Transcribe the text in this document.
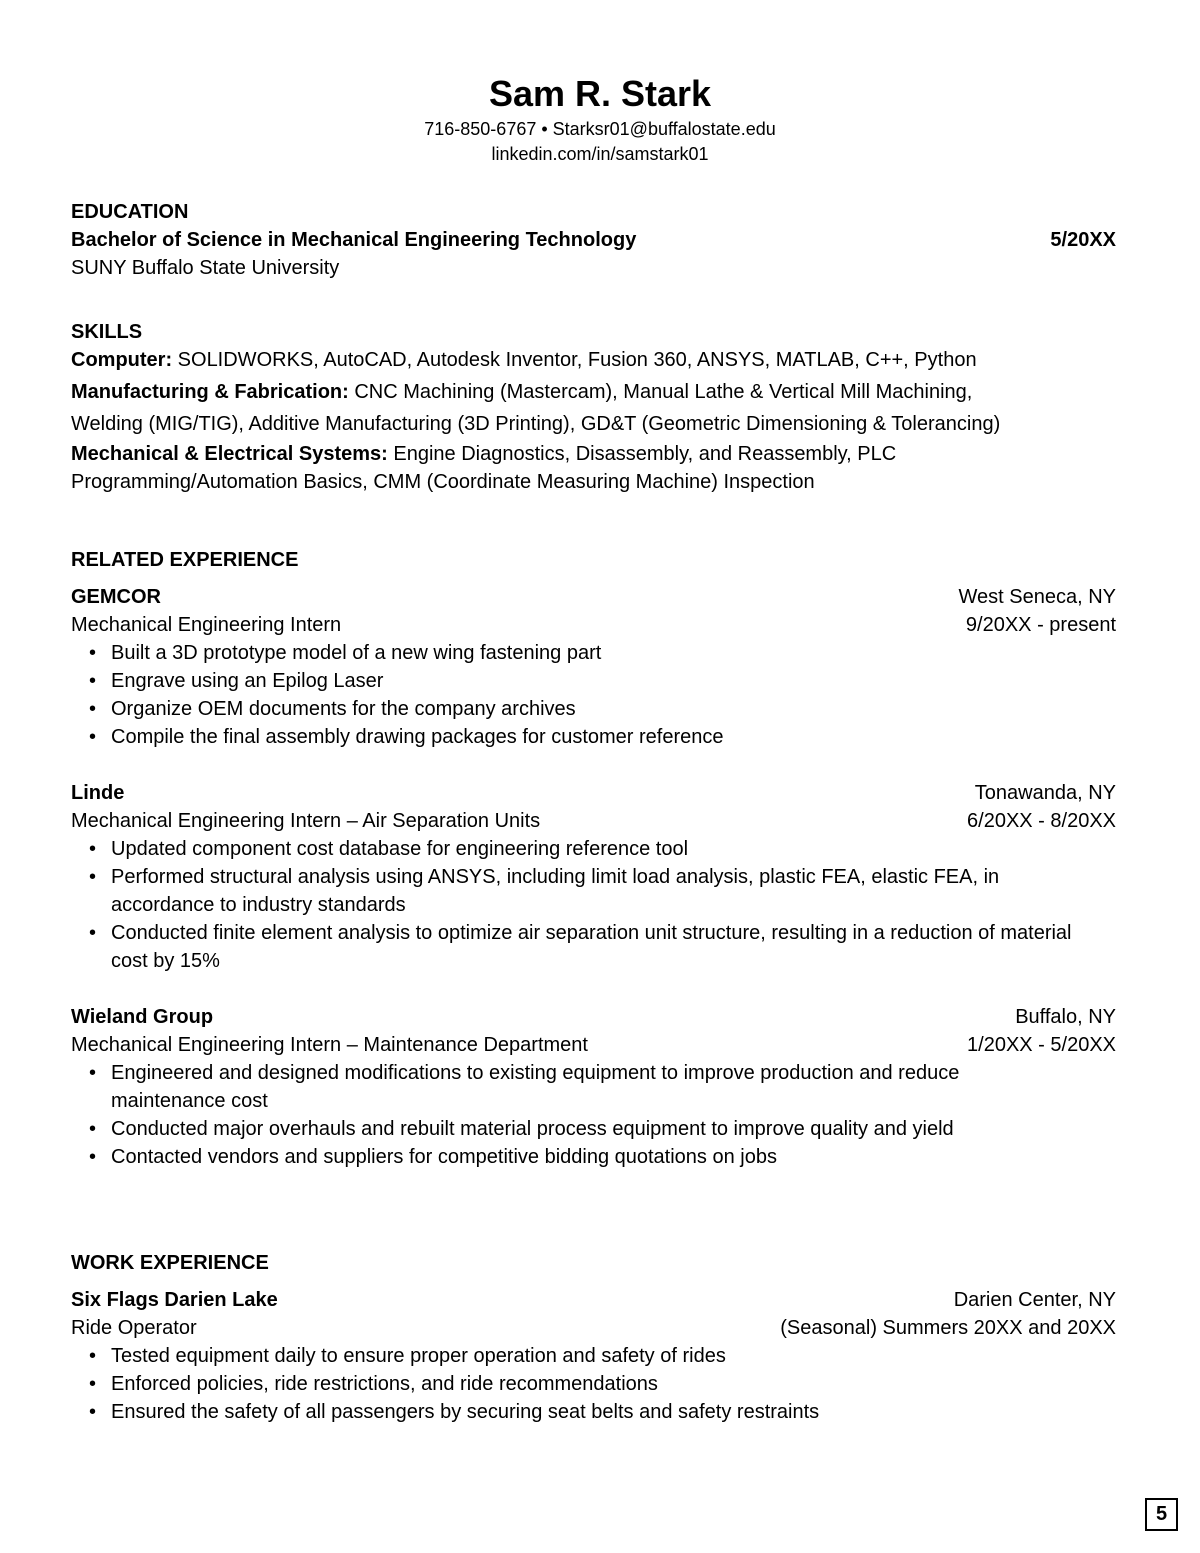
Sam R. Stark
716-850-6767 • Starksr01@buffalostate.edu
linkedin.com/in/samstark01
EDUCATION
Bachelor of Science in Mechanical Engineering Technology	5/20XX
SUNY Buffalo State University
SKILLS
Computer: SOLIDWORKS, AutoCAD, Autodesk Inventor, Fusion 360, ANSYS, MATLAB, C++, Python
Manufacturing & Fabrication: CNC Machining (Mastercam), Manual Lathe & Vertical Mill Machining,
Welding (MIG/TIG), Additive Manufacturing (3D Printing), GD&T (Geometric Dimensioning & Tolerancing)
Mechanical & Electrical Systems: Engine Diagnostics, Disassembly, and Reassembly, PLC
Programming/Automation Basics, CMM (Coordinate Measuring Machine) Inspection
RELATED EXPERIENCE
GEMCOR	West Seneca, NY
Mechanical Engineering Intern	9/20XX - present
• Built a 3D prototype model of a new wing fastening part
• Engrave using an Epilog Laser
• Organize OEM documents for the company archives
• Compile the final assembly drawing packages for customer reference
Linde	Tonawanda, NY
Mechanical Engineering Intern – Air Separation Units	6/20XX - 8/20XX
• Updated component cost database for engineering reference tool
• Performed structural analysis using ANSYS, including limit load analysis, plastic FEA, elastic FEA, in accordance to industry standards
• Conducted finite element analysis to optimize air separation unit structure, resulting in a reduction of material cost by 15%
Wieland Group	Buffalo, NY
Mechanical Engineering Intern – Maintenance Department	1/20XX - 5/20XX
• Engineered and designed modifications to existing equipment to improve production and reduce maintenance cost
• Conducted major overhauls and rebuilt material process equipment to improve quality and yield
• Contacted vendors and suppliers for competitive bidding quotations on jobs
WORK EXPERIENCE
Six Flags Darien Lake	Darien Center, NY
Ride Operator	(Seasonal) Summers 20XX and 20XX
• Tested equipment daily to ensure proper operation and safety of rides
• Enforced policies, ride restrictions, and ride recommendations
• Ensured the safety of all passengers by securing seat belts and safety restraints
5
